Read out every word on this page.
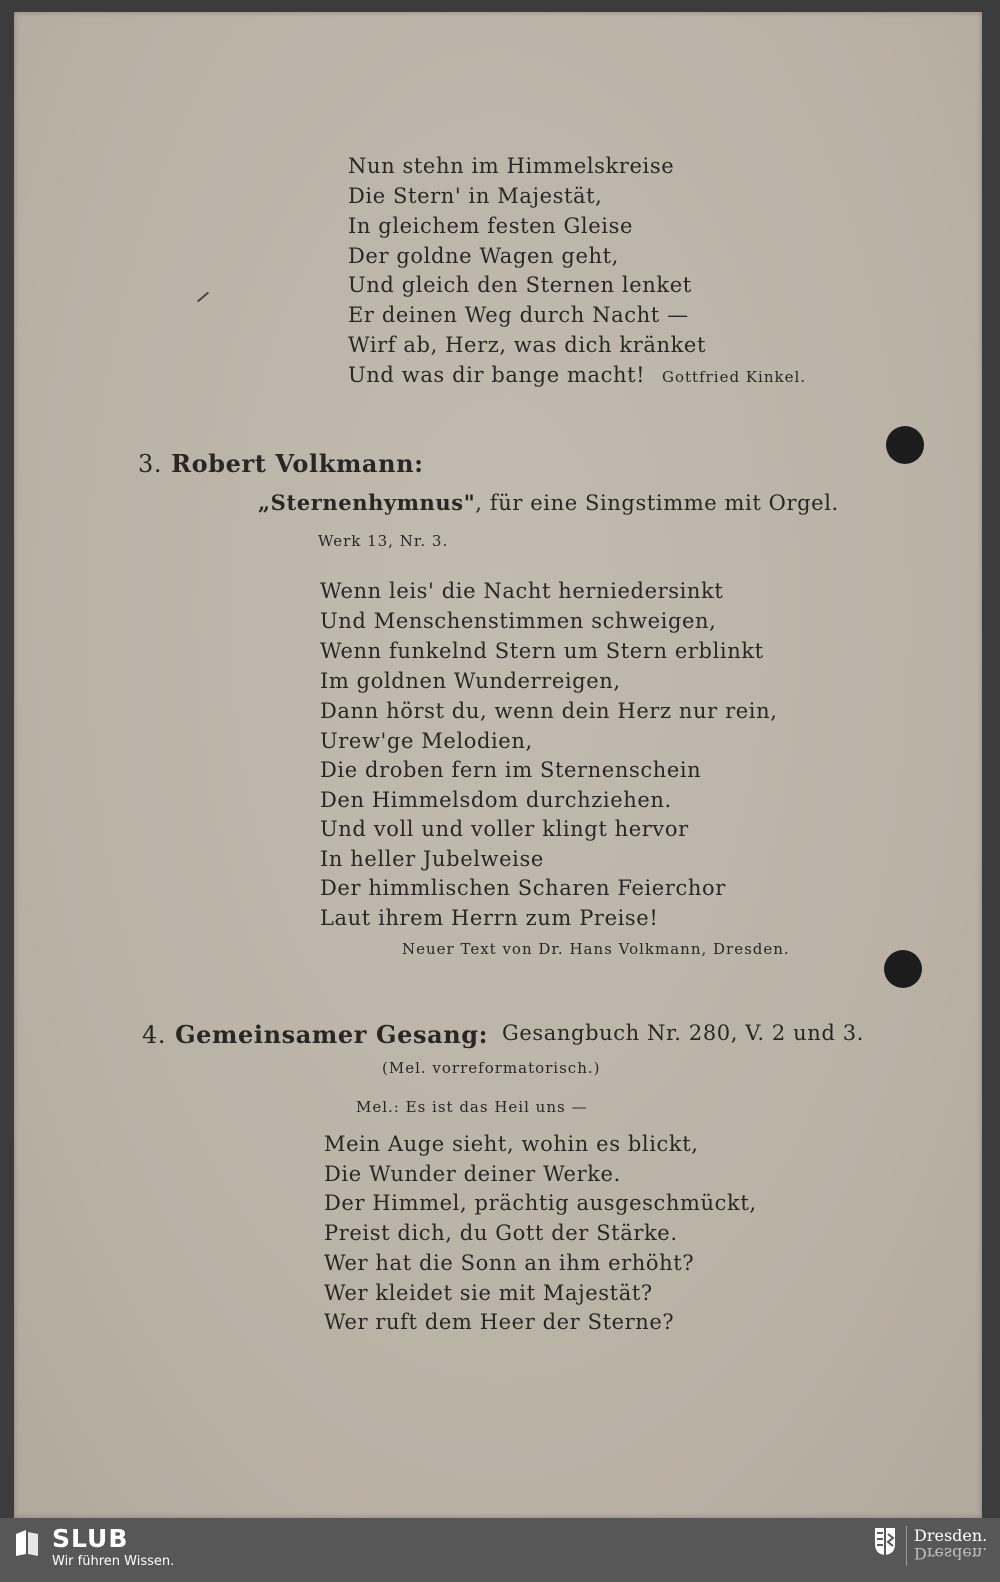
Nun stehn im Himmelskreise
Die Stern' in Majestät,
In gleichem festen Gleise
Der goldne Wagen geht,
Und gleich den Sternen lenket
Er deinen Weg durch Nacht —
Wirf ab, Herz, was dich kränket
Und was dir bange macht! Gottfried Kinkel.
3. Robert Volkmann:
„Sternenhymnus", für eine Singstimme mit Orgel.
Werk 13, Nr. 3.
Wenn leis' die Nacht herniedersinkt
Und Menschenstimmen schweigen,
Wenn funkelnd Stern um Stern erblinkt
Im goldnen Wunderreigen,
Dann hörst du, wenn dein Herz nur rein,
Urew'ge Melodien,
Die droben fern im Sternenschein
Den Himmelsdom durchziehen.
Und voll und voller klingt hervor
In heller Jubelweise
Der himmlischen Scharen Feierchor
Laut ihrem Herrn zum Preise!
Neuer Text von Dr. Hans Volkmann, Dresden.
4. Gemeinsamer Gesang: Gesangbuch Nr. 280, V. 2 und 3.
(Mel. vorreformatorisch.)
Mel.: Es ist das Heil uns —
Mein Auge sieht, wohin es blickt,
Die Wunder deiner Werke.
Der Himmel, prächtig ausgeschmückt,
Preist dich, du Gott der Stärke.
Wer hat die Sonn an ihm erhöht?
Wer kleidet sie mit Majestät?
Wer ruft dem Heer der Sterne?
SLUB
Wir führen Wissen.
Dresden.
Dresden.
